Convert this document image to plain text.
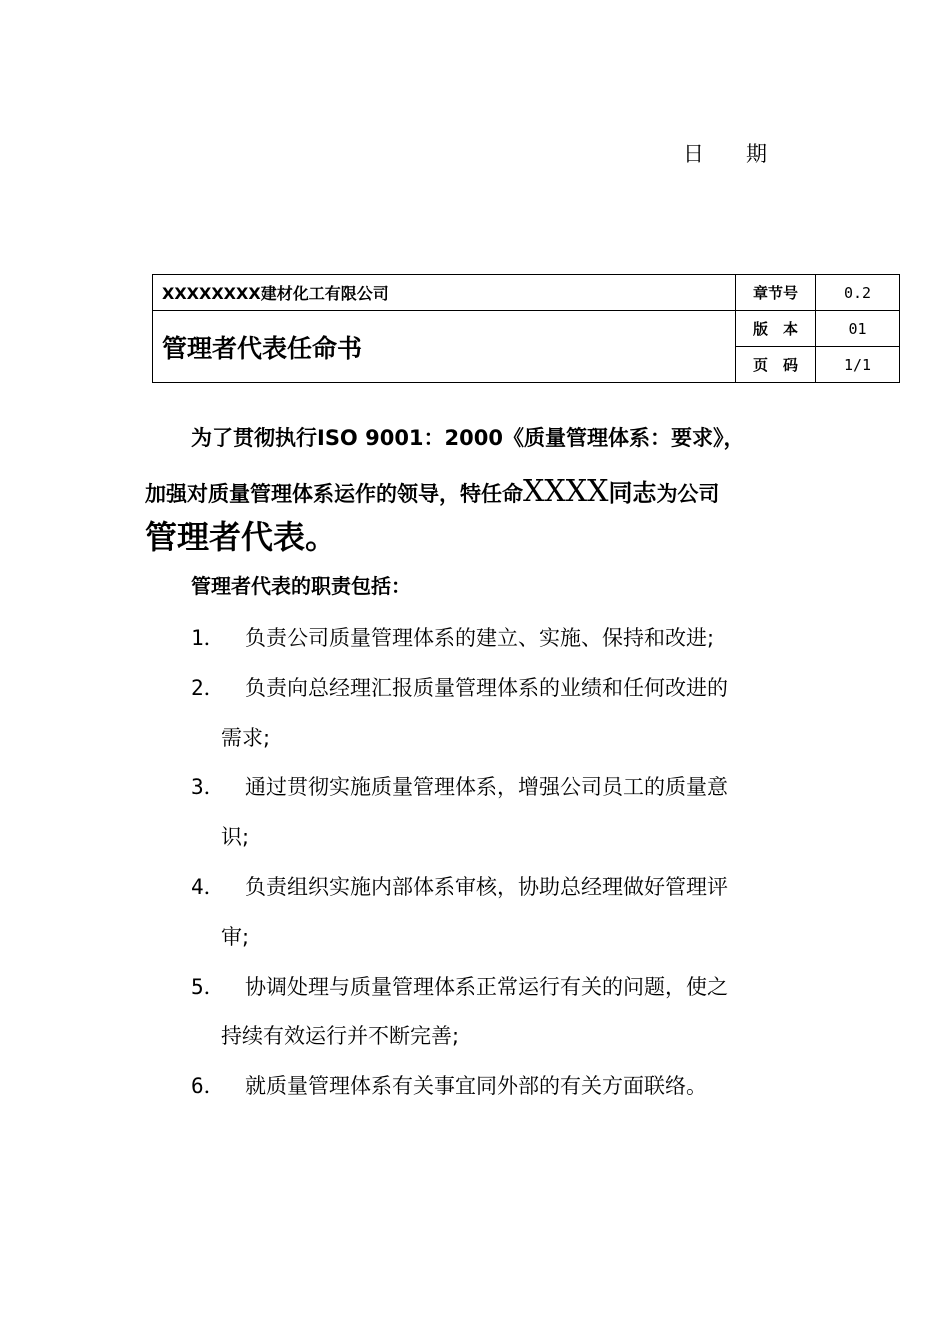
日　　期
XXXXXXXX建材化工有限公司	章节号	0.2
管理者代表任命书	版　本	01
	页　码	1/1
为了贯彻执行ISO 9001：2000《质量管理体系：要求》，
加强对质量管理体系运作的领导，特任命XXXX同志为公司
管理者代表。
管理者代表的职责包括：
1． 负责公司质量管理体系的建立、实施、保持和改进;
2． 负责向总经理汇报质量管理体系的业绩和任何改进的
需求;
3． 通过贯彻实施质量管理体系，增强公司员工的质量意
识;
4． 负责组织实施内部体系审核，协助总经理做好管理评
审;
5． 协调处理与质量管理体系正常运行有关的问题，使之
持续有效运行并不断完善;
6． 就质量管理体系有关事宜同外部的有关方面联络。
